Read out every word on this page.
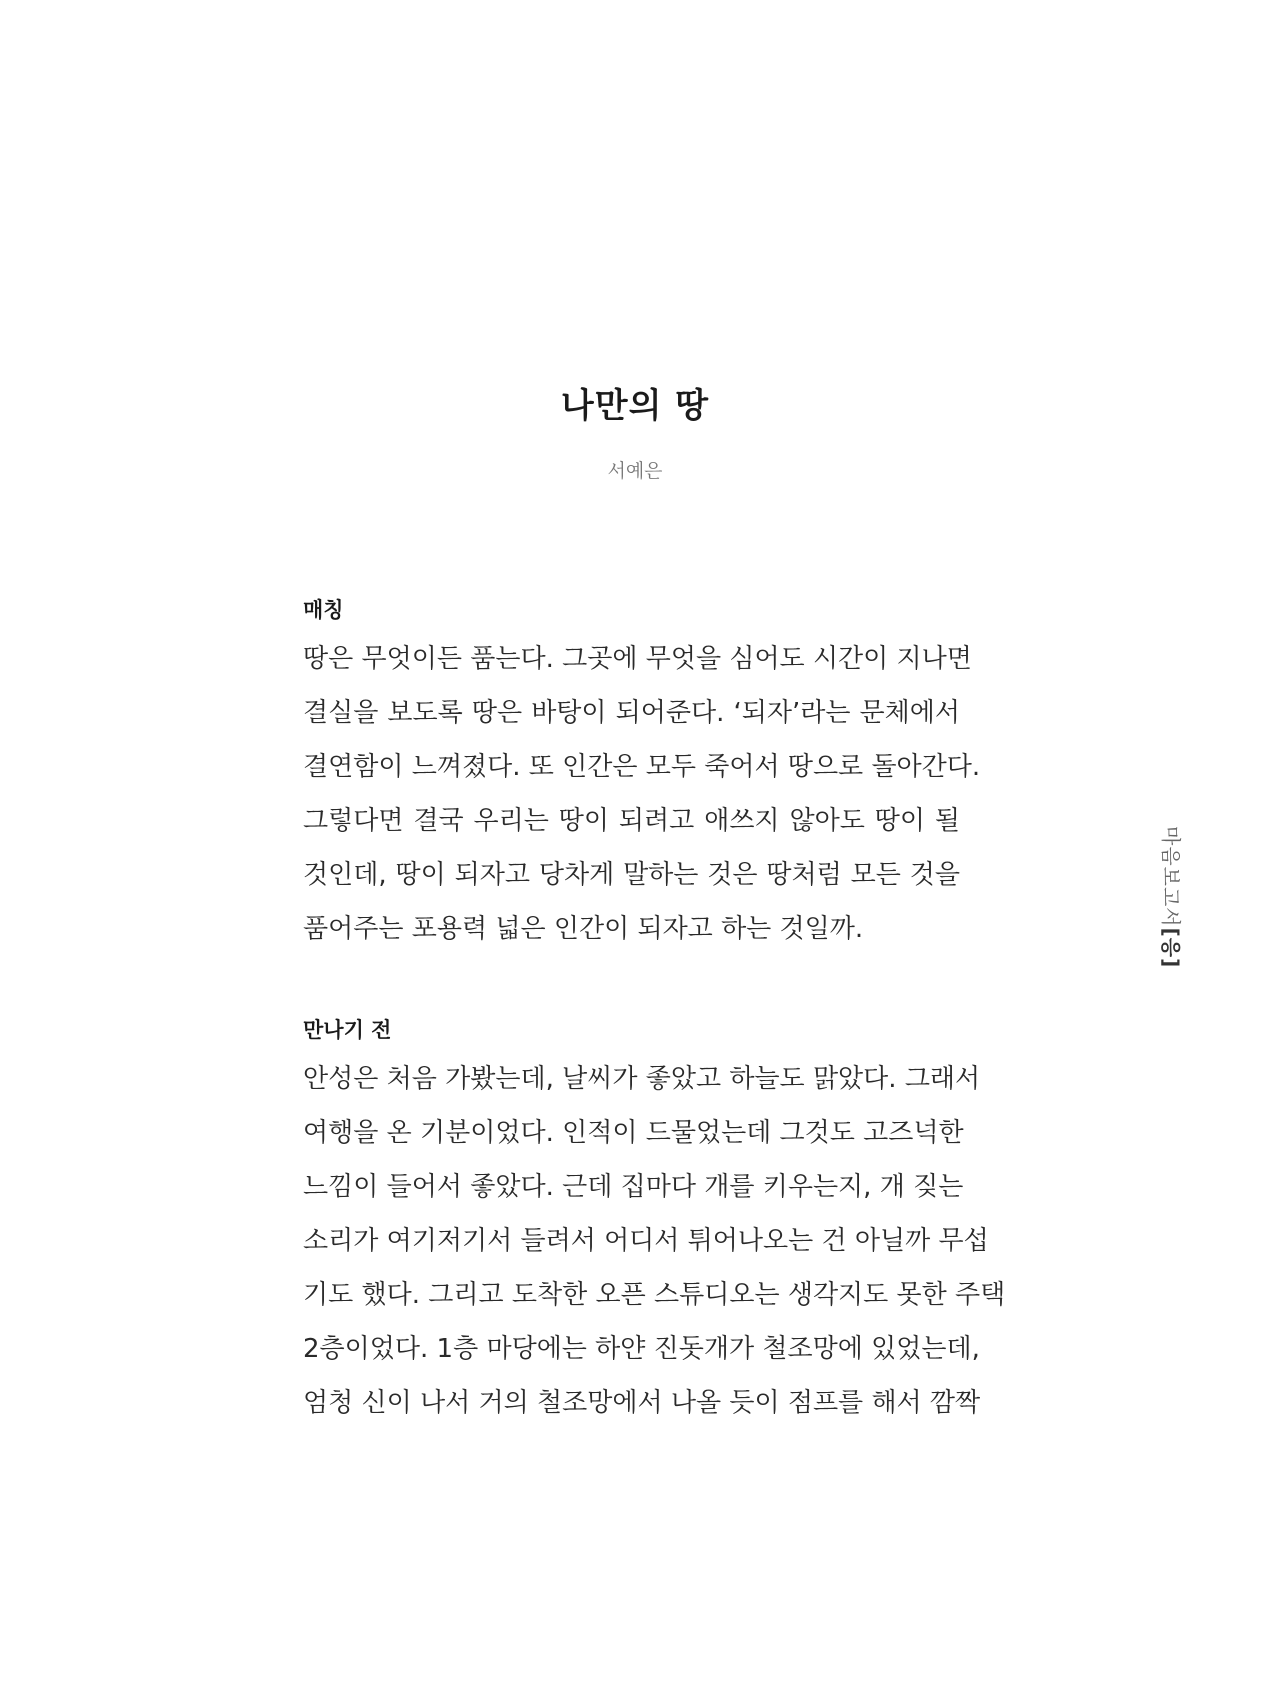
나만의 땅
서예은
매칭
땅은 무엇이든 품는다. 그곳에 무엇을 심어도 시간이 지나면
결실을 보도록 땅은 바탕이 되어준다. ‘되자’라는 문체에서
결연함이 느껴졌다. 또 인간은 모두 죽어서 땅으로 돌아간다.
그렇다면 결국 우리는 땅이 되려고 애쓰지 않아도 땅이 될
것인데, 땅이 되자고 당차게 말하는 것은 땅처럼 모든 것을
품어주는 포용력 넓은 인간이 되자고 하는 것일까.
만나기 전
안성은 처음 가봤는데, 날씨가 좋았고 하늘도 맑았다. 그래서
여행을 온 기분이었다. 인적이 드물었는데 그것도 고즈넉한
느낌이 들어서 좋았다. 근데 집마다 개를 키우는지, 개 짖는
소리가 여기저기서 들려서 어디서 튀어나오는 건 아닐까 무섭
기도 했다. 그리고 도착한 오픈 스튜디오는 생각지도 못한 주택
2층이었다. 1층 마당에는 하얀 진돗개가 철조망에 있었는데,
엄청 신이 나서 거의 철조망에서 나올 듯이 점프를 해서 깜짝
마음보고서[응]
